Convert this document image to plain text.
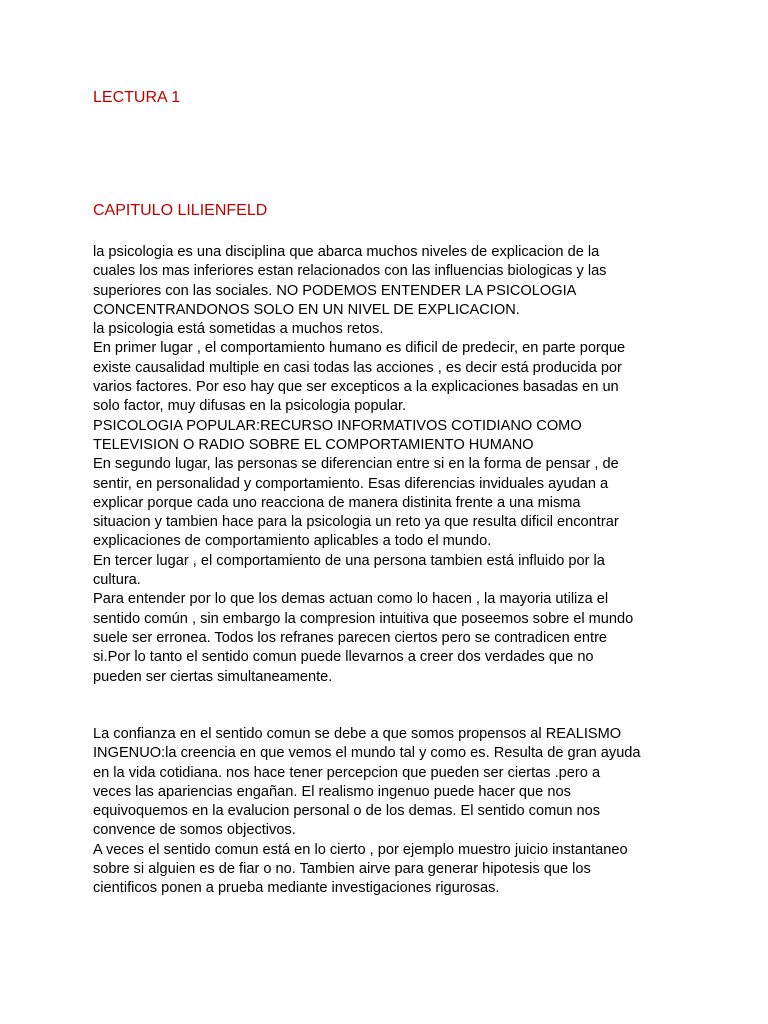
LECTURA 1
CAPITULO LILIENFELD
la psicologia es una disciplina que abarca muchos niveles de explicacion de la
cuales los mas inferiores estan relacionados con las influencias biologicas y las
superiores con las sociales. NO PODEMOS ENTENDER LA PSICOLOGIA
CONCENTRANDONOS SOLO EN UN NIVEL DE EXPLICACION.
la psicologia está sometidas a muchos retos.
En primer lugar , el comportamiento humano es dificil de predecir, en parte porque
existe causalidad multiple en casi todas las acciones , es decir está producida por
varios factores. Por eso hay que ser excepticos a la explicaciones basadas en un
solo factor, muy difusas en la psicologia popular.
PSICOLOGIA POPULAR:RECURSO INFORMATIVOS COTIDIANO COMO
TELEVISION O RADIO SOBRE EL COMPORTAMIENTO HUMANO
En segundo lugar, las personas se diferencian entre si en la forma de pensar , de
sentir, en personalidad y comportamiento. Esas diferencias invidualеs ayudan a
explicar porque cada uno reacciona de manera distinita frente a una misma
situacion y tambien hace para la psicologia un reto ya que resulta dificil encontrar
explicaciones de comportamiento aplicables a todo el mundo.
En tercer lugar , el comportamiento de una persona tambien está influido por la
cultura.
Para entender por lo que los demas actuan como lo hacen , la mayoria utiliza el
sentido común , sin embargo la compresion intuitiva que poseemos sobre el mundo
suele ser erronea. Todos los refranes parecen ciertos pero se contradicen entre
si.Por lo tanto el sentido comun puede llevarnos a creer dos verdades que no
pueden ser ciertas simultaneamente.
La confianza en el sentido comun se debe a que somos propensos al REALISMO
INGENUO:la creencia en que vemos el mundo tal y como es. Resulta de gran ayuda
en la vida cotidiana. nos hace tener percepcion que pueden ser ciertas .pero a
veces las apariencias engañan. El realismo ingenuo puede hacer que nos
equivoquemos en la evalucion personal o de los demas. El sentido comun nos
convence de somos objectivos.
A veces el sentido comun está en lo cierto , por ejemplo muestro juicio instantaneo
sobre si alguien es de fiar o no. Tambien airve para generar hipotesis que los
cientificos ponen a prueba mediante investigaciones rigurosas.
